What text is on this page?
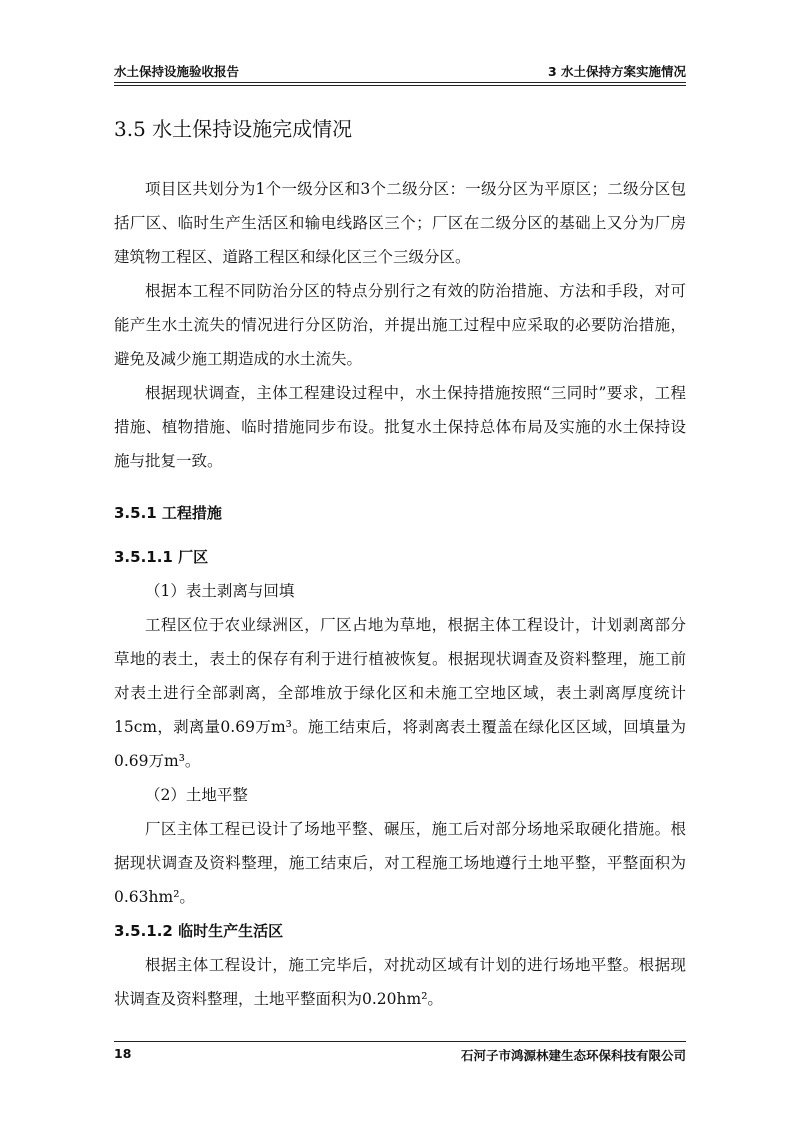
水土保持设施验收报告	3 水土保持方案实施情况
3.5 水土保持设施完成情况

项目区共划分为1个一级分区和3个二级分区：一级分区为平原区；二级分区包括厂区、临时生产生活区和输电线路区三个；厂区在二级分区的基础上又分为厂房建筑物工程区、道路工程区和绿化区三个三级分区。

根据本工程不同防治分区的特点分别行之有效的防治措施、方法和手段，对可能产生水土流失的情况进行分区防治，并提出施工过程中应采取的必要防治措施，避免及减少施工期造成的水土流失。

根据现状调查，主体工程建设过程中，水土保持措施按照“三同时”要求，工程措施、植物措施、临时措施同步布设。批复水土保持总体布局及实施的水土保持设施与批复一致。

3.5.1 工程措施
3.5.1.1 厂区

（1）表土剥离与回填

工程区位于农业绿洲区，厂区占地为草地，根据主体工程设计，计划剥离部分草地的表土，表土的保存有利于进行植被恢复。根据现状调查及资料整理，施工前对表土进行全部剥离，全部堆放于绿化区和未施工空地区域，表土剥离厚度统计15cm，剥离量0.69万m³。施工结束后，将剥离表土覆盖在绿化区区域，回填量为0.69万m³。

（2）土地平整

厂区主体工程已设计了场地平整、碾压，施工后对部分场地采取硬化措施。根据现状调查及资料整理，施工结束后，对工程施工场地遵行土地平整，平整面积为0.63hm²。

3.5.1.2 临时生产生活区

根据主体工程设计，施工完毕后，对扰动区域有计划的进行场地平整。根据现状调查及资料整理，土地平整面积为0.20hm²。

18	石河子市鸿源林建生态环保科技有限公司
